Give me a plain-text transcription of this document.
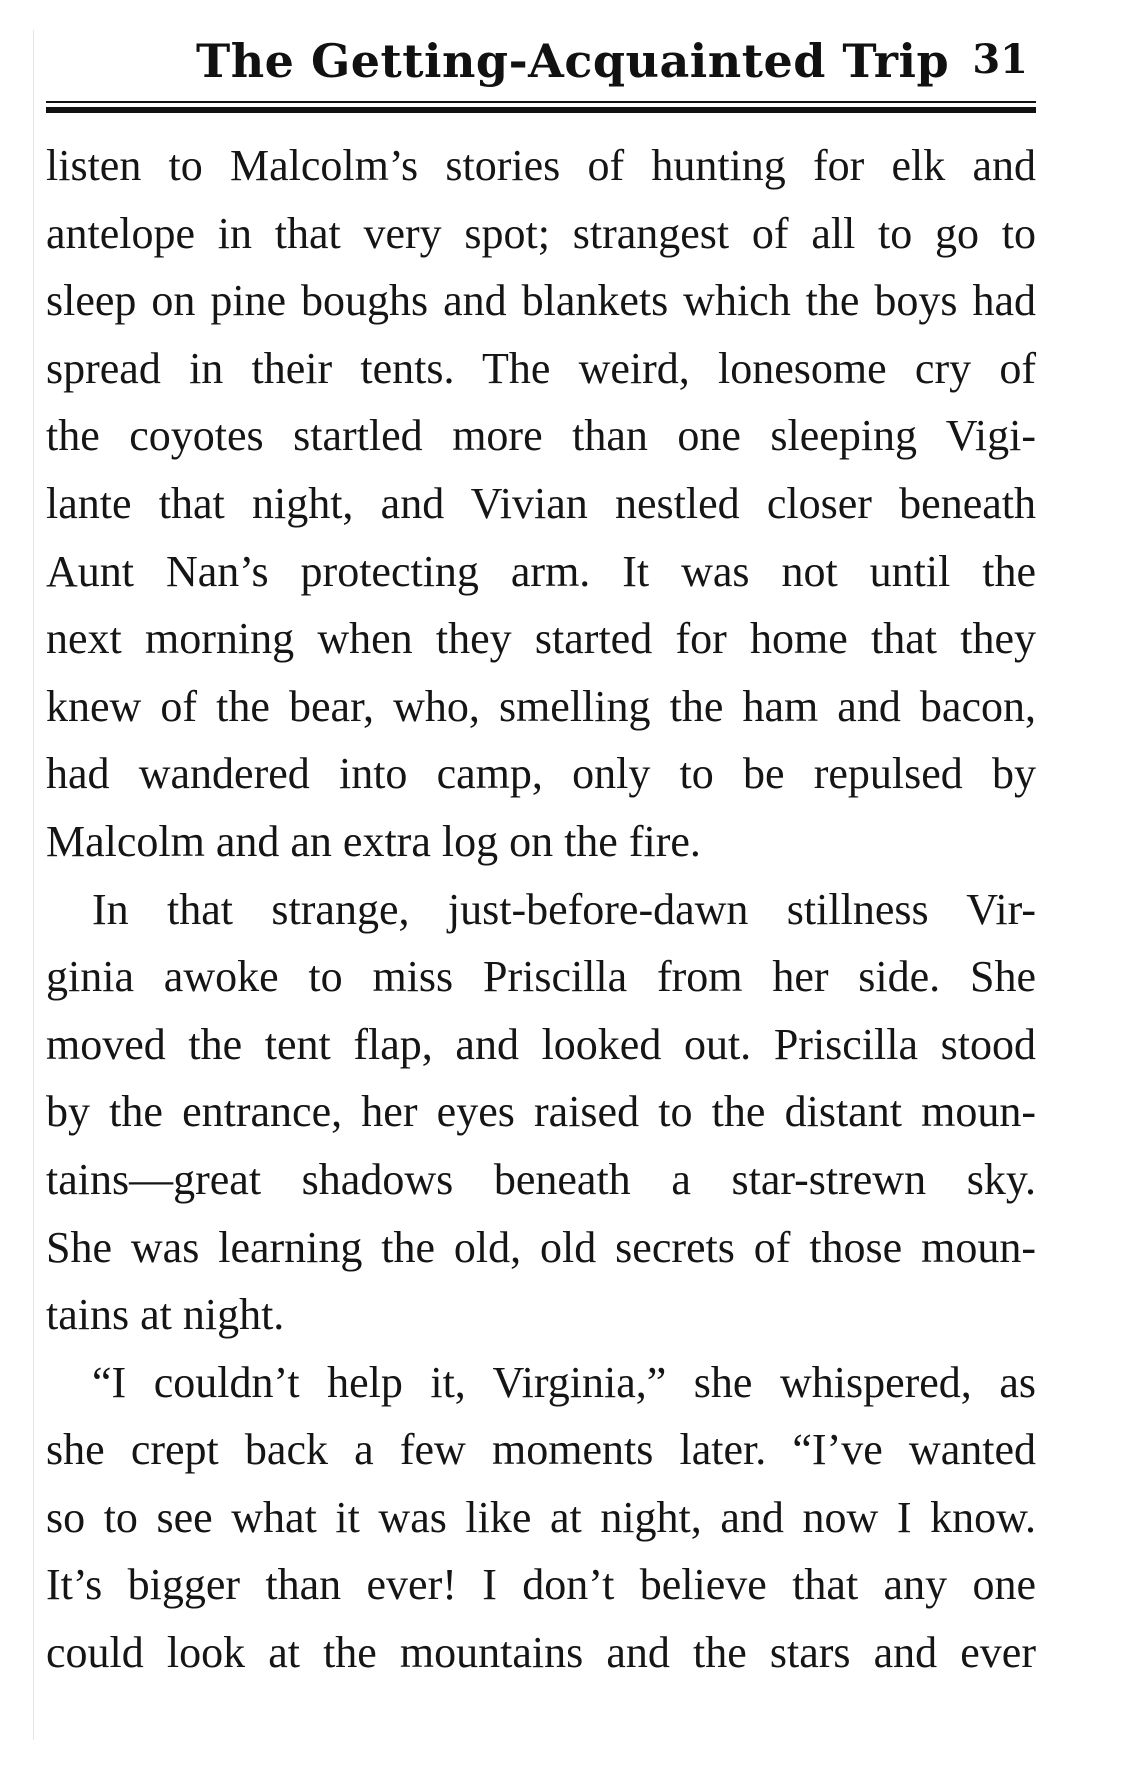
The Getting-Acquainted Trip 31
listen to Malcolm’s stories of hunting for elk and
antelope in that very spot; strangest of all to go to
sleep on pine boughs and blankets which the boys had
spread in their tents. The weird, lonesome cry of
the coyotes startled more than one sleeping Vigi-
lante that night, and Vivian nestled closer beneath
Aunt Nan’s protecting arm. It was not until the
next morning when they started for home that they
knew of the bear, who, smelling the ham and bacon,
had wandered into camp, only to be repulsed by
Malcolm and an extra log on the fire.
In that strange, just-before-dawn stillness Vir-
ginia awoke to miss Priscilla from her side. She
moved the tent flap, and looked out. Priscilla stood
by the entrance, her eyes raised to the distant moun-
tains—great shadows beneath a star-strewn sky.
She was learning the old, old secrets of those moun-
tains at night.
“I couldn’t help it, Virginia,” she whispered, as
she crept back a few moments later. “I’ve wanted
so to see what it was like at night, and now I know.
It’s bigger than ever! I don’t believe that any one
could look at the mountains and the stars and ever
